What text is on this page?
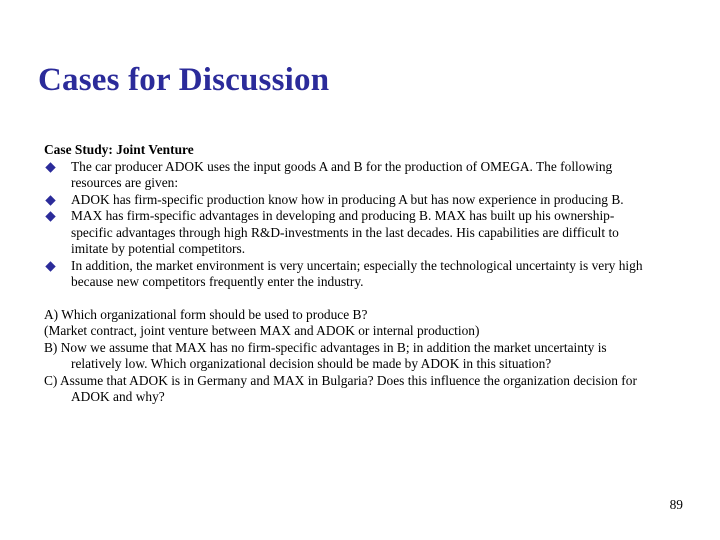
Cases for Discussion
Case Study: Joint Venture
The car producer ADOK uses the input goods A and B for the production of OMEGA. The following resources are given:
ADOK has firm-specific production know how in producing A but has now experience in producing B.
MAX has firm-specific advantages in developing and producing B. MAX has built up his ownership-specific advantages through high R&D-investments in the last decades. His capabilities are difficult to imitate by potential competitors.
In addition, the market environment is very uncertain; especially the technological uncertainty is very high because new competitors frequently enter the industry.
A) Which organizational form should be used to produce B?
(Market contract, joint venture between MAX and ADOK or internal production)
B) Now we assume that MAX has no firm-specific advantages in B; in addition the market uncertainty is relatively low. Which organizational decision should be made by ADOK in this situation?
C) Assume that ADOK is in Germany and MAX in Bulgaria? Does this influence the organization decision for ADOK and why?
89
